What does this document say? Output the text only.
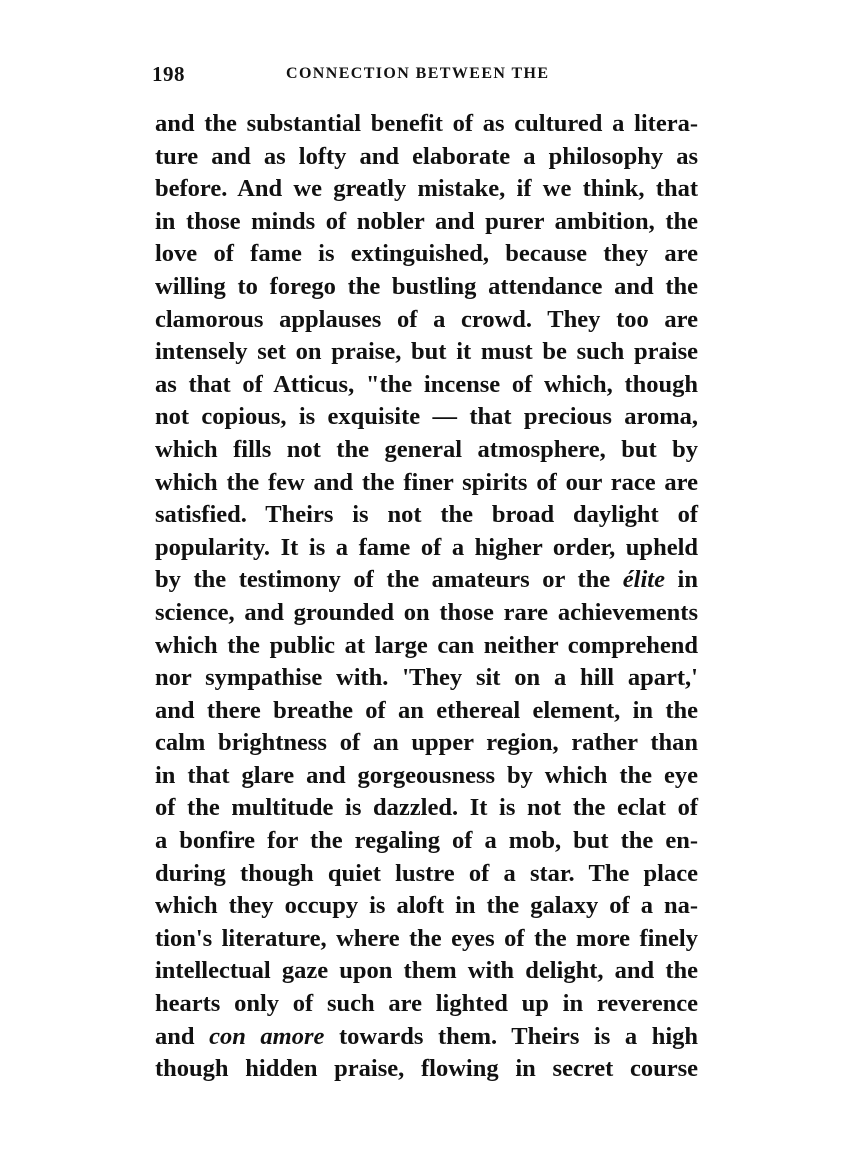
198	CONNECTION BETWEEN THE
and the substantial benefit of as cultured a litera-
ture and as lofty and elaborate a philosophy as
before. And we greatly mistake, if we think, that
in those minds of nobler and purer ambition, the
love of fame is extinguished, because they are
willing to forego the bustling attendance and the
clamorous applauses of a crowd. They too are
intensely set on praise, but it must be such praise
as that of Atticus, "the incense of which, though
not copious, is exquisite — that precious aroma,
which fills not the general atmosphere, but by
which the few and the finer spirits of our race are
satisfied. Theirs is not the broad daylight of
popularity. It is a fame of a higher order, upheld
by the testimony of the amateurs or the élite in
science, and grounded on those rare achievements
which the public at large can neither comprehend
nor sympathise with. 'They sit on a hill apart,'
and there breathe of an ethereal element, in the
calm brightness of an upper region, rather than
in that glare and gorgeousness by which the eye
of the multitude is dazzled. It is not the eclat of
a bonfire for the regaling of a mob, but the en-
during though quiet lustre of a star. The place
which they occupy is aloft in the galaxy of a na-
tion's literature, where the eyes of the more finely
intellectual gaze upon them with delight, and the
hearts only of such are lighted up in reverence
and con amore towards them. Theirs is a high
though hidden praise, flowing in secret course
